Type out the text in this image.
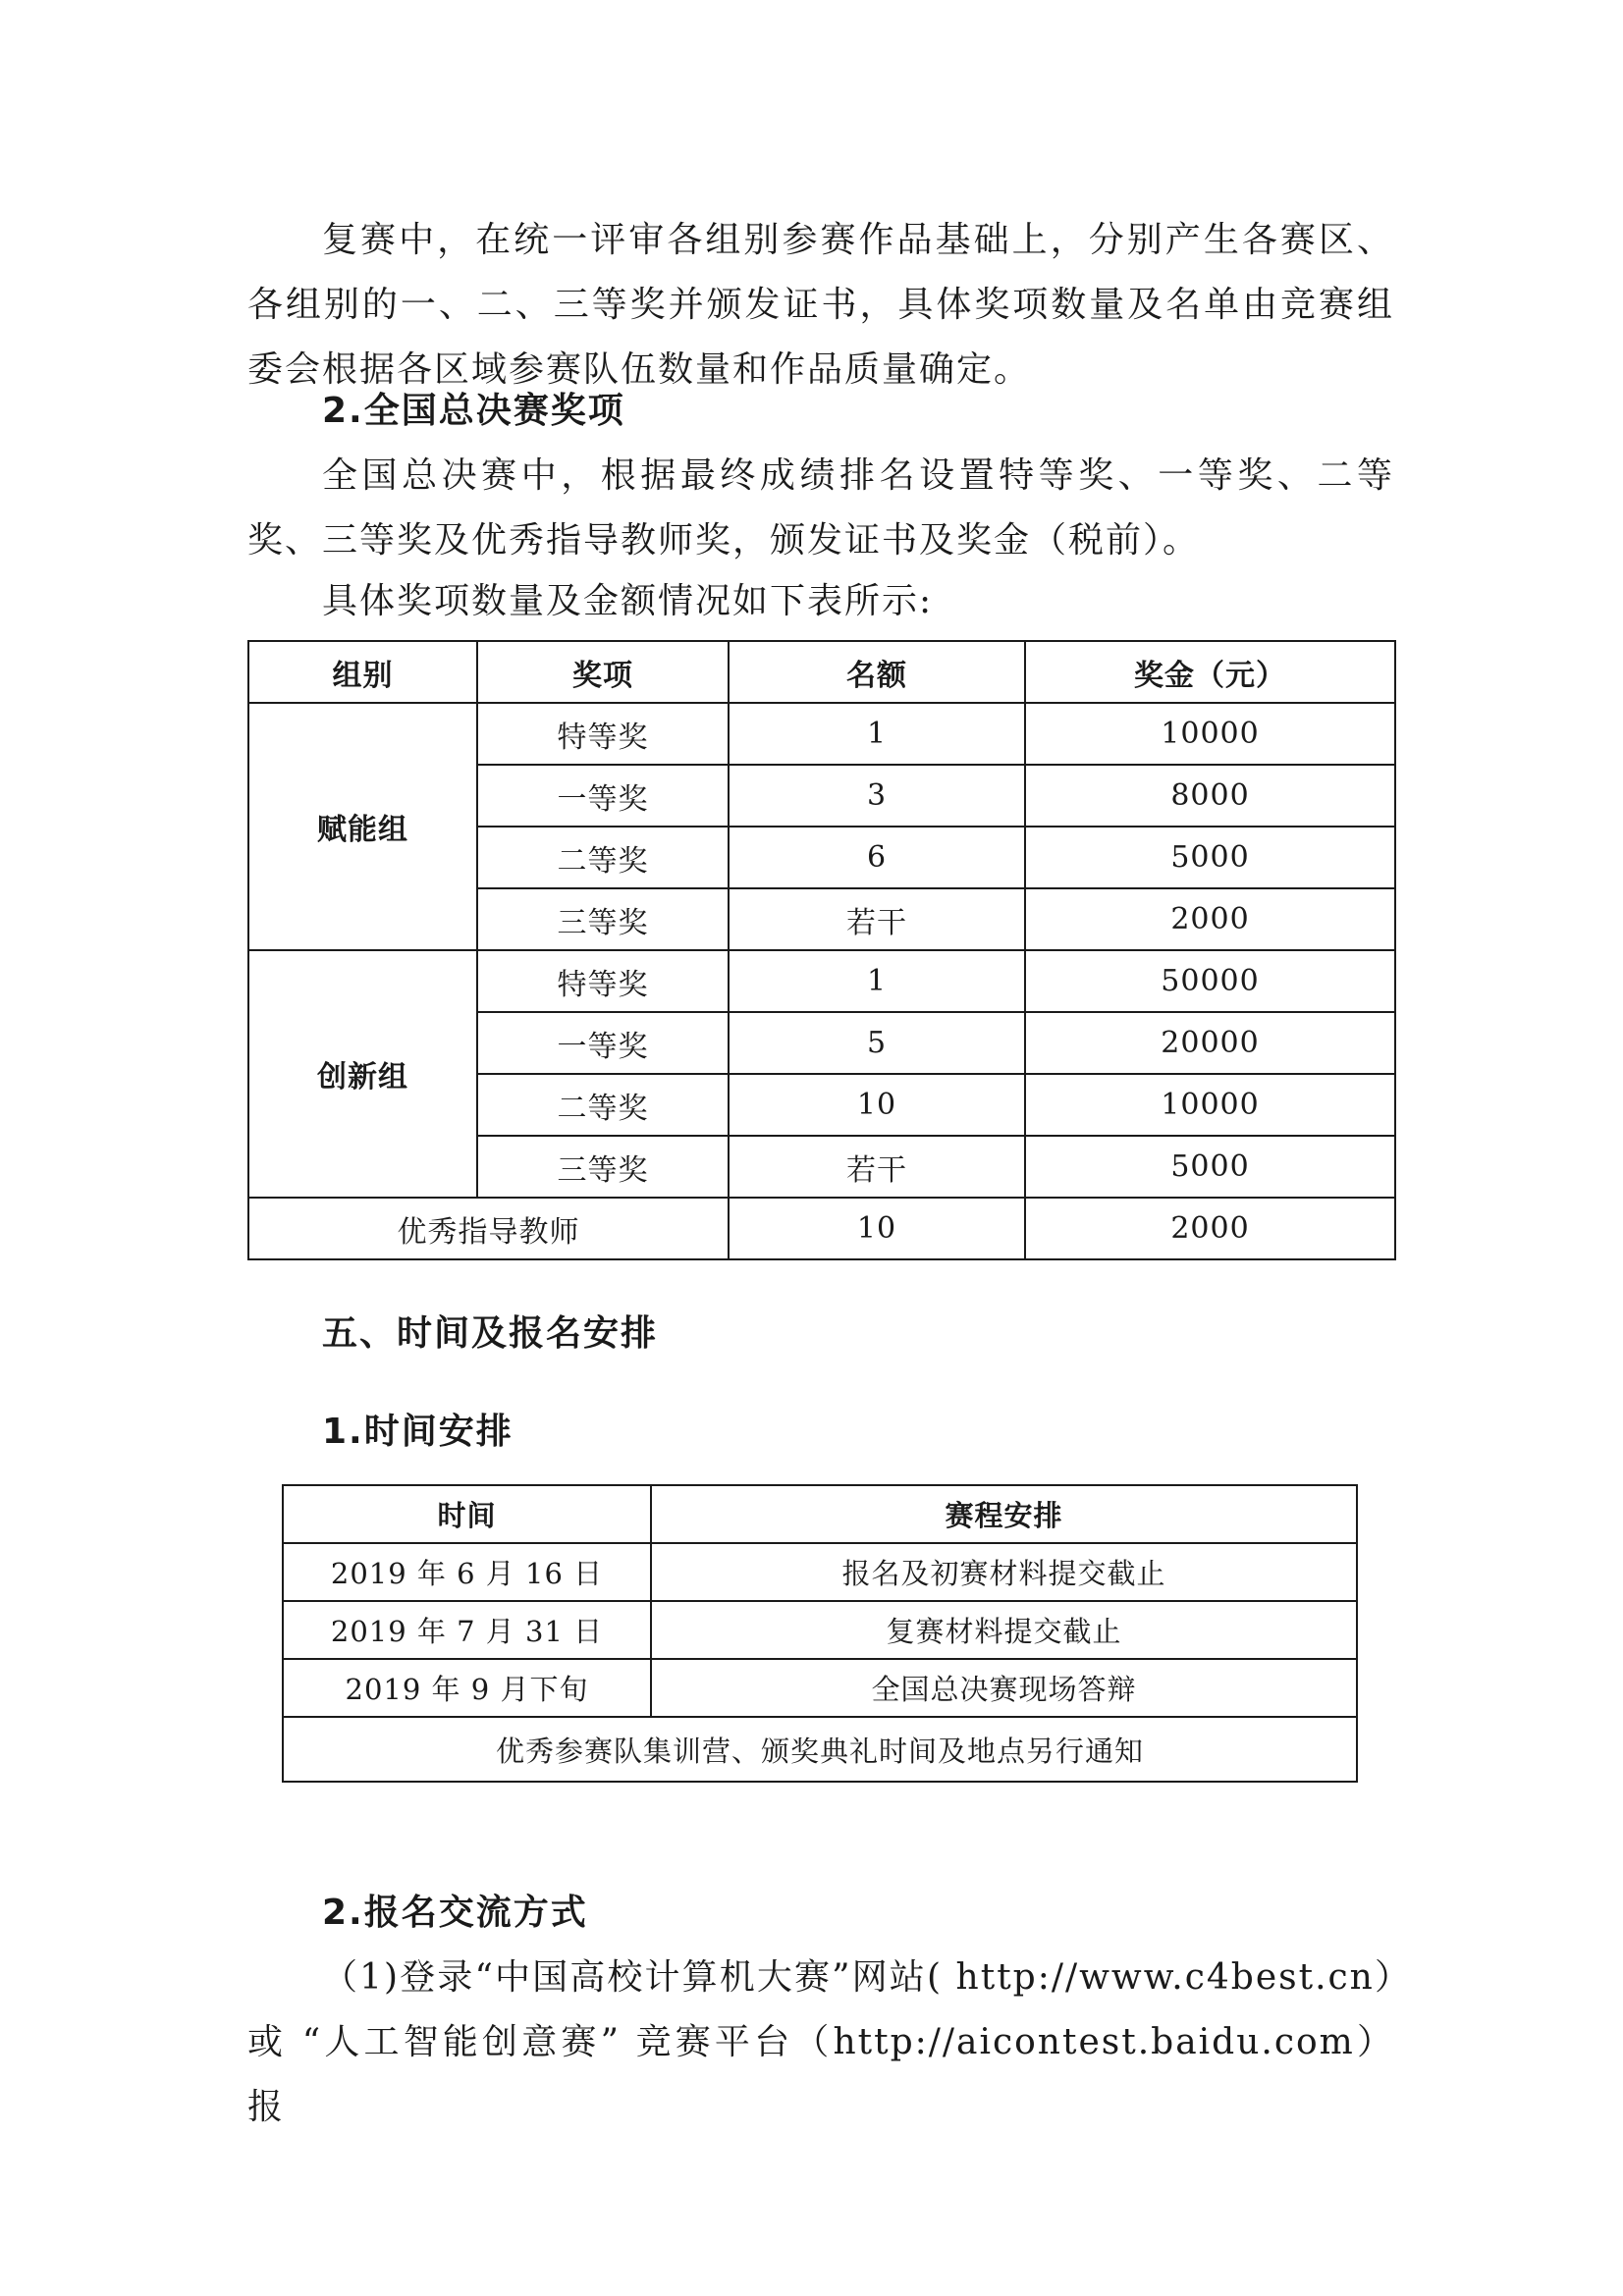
复赛中，在统一评审各组别参赛作品基础上，分别产生各赛区、各组别的一、二、三等奖并颁发证书，具体奖项数量及名单由竞赛组委会根据各区域参赛队伍数量和作品质量确定。

2.全国总决赛奖项

全国总决赛中，根据最终成绩排名设置特等奖、一等奖、二等奖、三等奖及优秀指导教师奖，颁发证书及奖金（税前）。

具体奖项数量及金额情况如下表所示:

组别	奖项	名额	奖金（元）
赋能组	特等奖	1	10000
	一等奖	3	8000
	二等奖	6	5000
	三等奖	若干	2000
创新组	特等奖	1	50000
	一等奖	5	20000
	二等奖	10	10000
	三等奖	若干	5000
优秀指导教师		10	2000

五、时间及报名安排

1.时间安排

时间	赛程安排
2019 年 6 月 16 日	报名及初赛材料提交截止
2019 年 7 月 31 日	复赛材料提交截止
2019 年 9 月下旬	全国总决赛现场答辩
优秀参赛队集训营、颁奖典礼时间及地点另行通知	

2.报名交流方式

（1)登录“中国高校计算机大赛”网站( http://www.c4best.cn）或 “人工智能创意赛” 竞赛平台（http://aicontest.baidu.com）报
